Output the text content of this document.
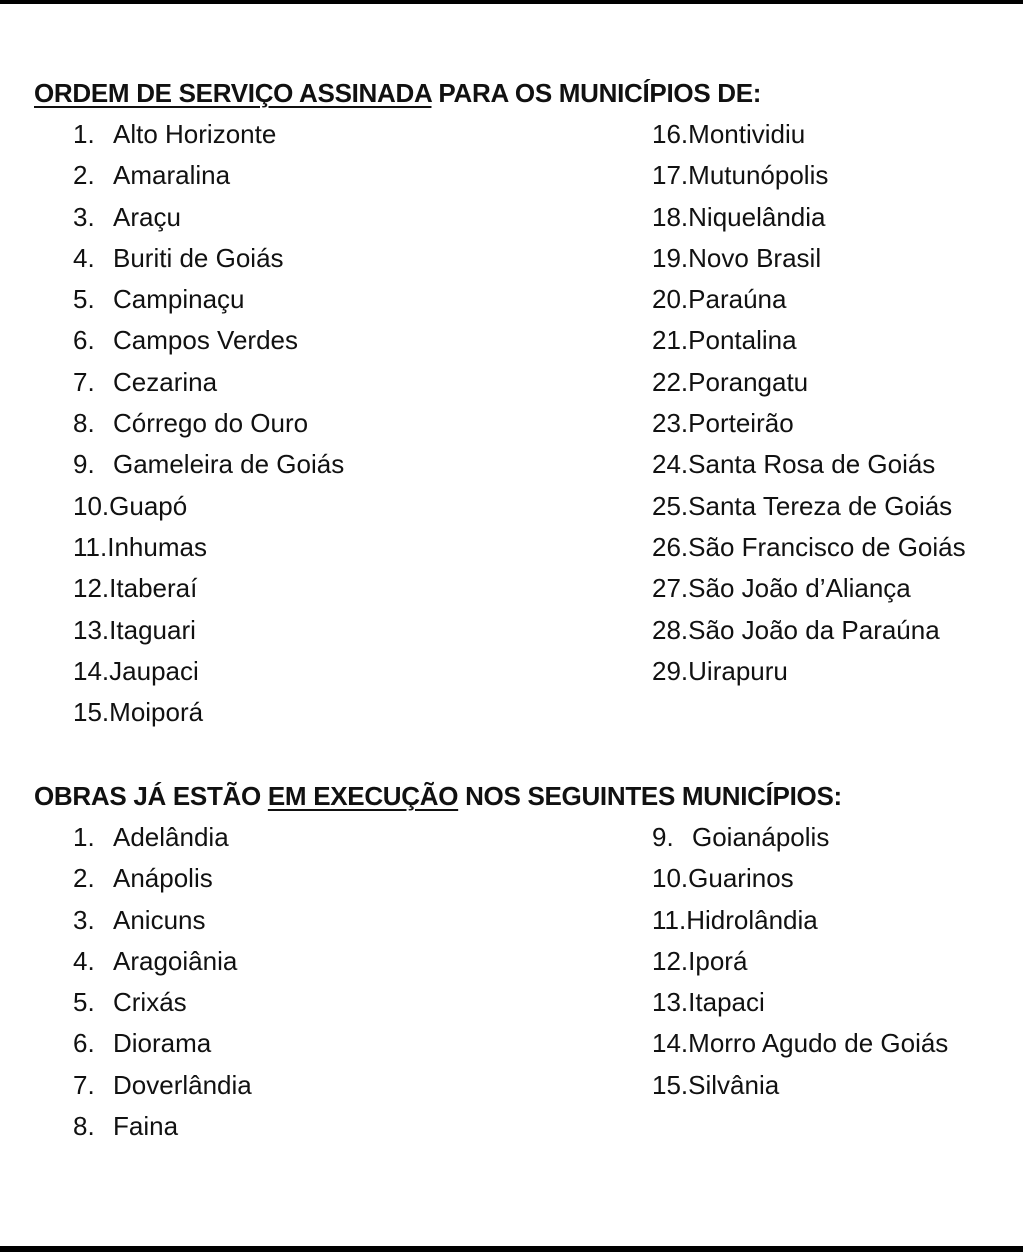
ORDEM DE SERVIÇO ASSINADA PARA OS MUNICÍPIOS DE:
1. Alto Horizonte
2. Amaralina
3. Araçu
4. Buriti de Goiás
5. Campinaçu
6. Campos Verdes
7. Cezarina
8. Córrego do Ouro
9. Gameleira de Goiás
10.Guapó
11.Inhumas
12.Itaberaí
13.Itaguari
14.Jaupaci
15.Moiporá
16.Montividiu
17.Mutunópolis
18.Niquelândia
19.Novo Brasil
20.Paraúna
21.Pontalina
22.Porangatu
23.Porteirão
24.Santa Rosa de Goiás
25.Santa Tereza de Goiás
26.São Francisco de Goiás
27.São João d’Aliança
28.São João da Paraúna
29.Uirapuru
OBRAS JÁ ESTÃO EM EXECUÇÃO NOS SEGUINTES MUNICÍPIOS:
1. Adelândia
2. Anápolis
3. Anicuns
4. Aragoiânia
5. Crixás
6. Diorama
7. Doverlândia
8. Faina
9. Goianápolis
10.Guarinos
11.Hidrolândia
12.Iporá
13.Itapaci
14.Morro Agudo de Goiás
15.Silvânia
